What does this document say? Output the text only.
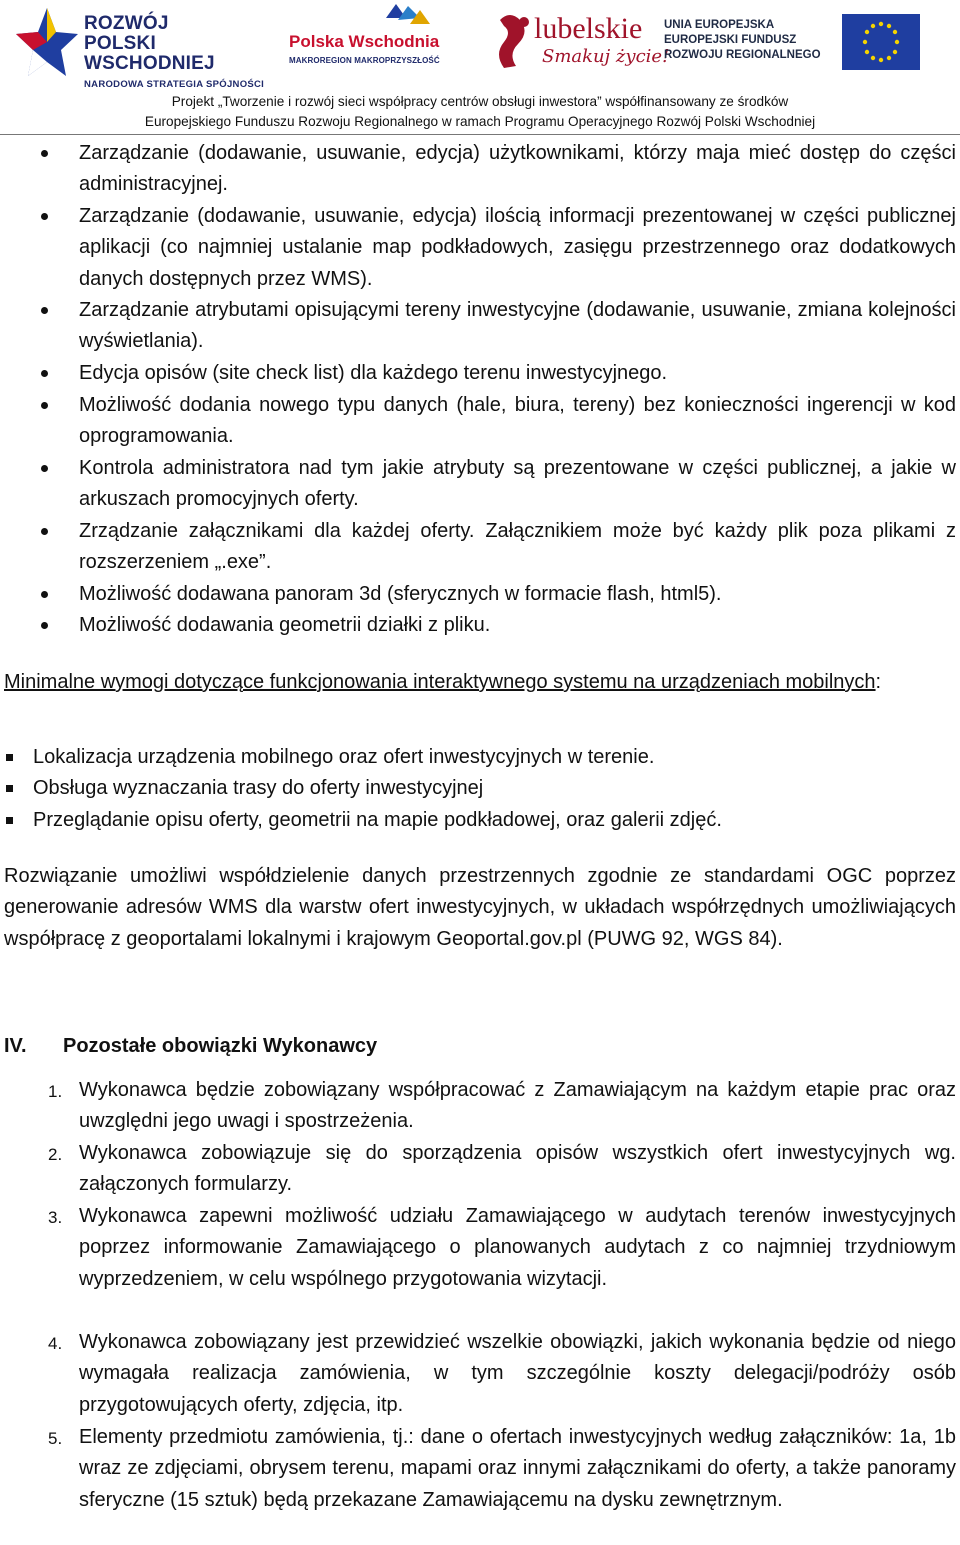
ROZWÓJ
POLSKI WSCHODNIEJ
NARODOWA STRATEGIA SPÓJNOŚCI
Polska Wschodnia
MAKROREGION MAKROPRZYSZŁOŚĆ
lubelskie
Smakuj życie!
UNIA EUROPEJSKA
EUROPEJSKI FUNDUSZ
ROZWOJU REGIONALNEGO
Projekt „Tworzenie i rozwój sieci współpracy centrów obsługi inwestora” współfinansowany ze środków
Europejskiego Funduszu Rozwoju Regionalnego w ramach Programu Operacyjnego Rozwój Polski Wschodniej
Zarządzanie (dodawanie, usuwanie, edycja) użytkownikami, którzy maja mieć dostęp do części administracyjnej.
Zarządzanie (dodawanie, usuwanie, edycja) ilością informacji prezentowanej w części publicznej aplikacji (co najmniej ustalanie map podkładowych, zasięgu przestrzennego oraz dodatkowych danych dostępnych przez WMS).
Zarządzanie atrybutami opisującymi tereny inwestycyjne (dodawanie, usuwanie, zmiana kolejności wyświetlania).
Edycja opisów (site check list) dla każdego terenu inwestycyjnego.
Możliwość dodania nowego typu danych (hale, biura, tereny) bez konieczności ingerencji w kod oprogramowania.
Kontrola administratora nad tym jakie atrybuty są prezentowane w części publicznej, a jakie w arkuszach promocyjnych oferty.
Zrządzanie załącznikami dla każdej oferty. Załącznikiem może być każdy plik poza plikami z rozszerzeniem „.exe”.
Możliwość dodawana panoram 3d (sferycznych w formacie flash, html5).
Możliwość dodawania geometrii działki z pliku.
Minimalne wymogi dotyczące funkcjonowania interaktywnego systemu na urządzeniach mobilnych:
Lokalizacja urządzenia mobilnego oraz ofert inwestycyjnych w terenie.
Obsługa wyznaczania trasy do oferty inwestycyjnej
Przeglądanie opisu oferty, geometrii na mapie podkładowej, oraz galerii zdjęć.
Rozwiązanie umożliwi współdzielenie danych przestrzennych zgodnie ze standardami OGC poprzez generowanie adresów WMS dla warstw ofert inwestycyjnych, w układach współrzędnych umożliwiających współpracę z geoportalami lokalnymi i krajowym Geoportal.gov.pl (PUWG 92, WGS 84).
IV. Pozostałe obowiązki Wykonawcy
1. Wykonawca będzie zobowiązany współpracować z Zamawiającym na każdym etapie prac oraz uwzględni jego uwagi i spostrzeżenia.
2. Wykonawca zobowiązuje się do sporządzenia opisów wszystkich ofert inwestycyjnych wg. załączonych formularzy.
3. Wykonawca zapewni możliwość udziału Zamawiającego w audytach terenów inwestycyjnych poprzez informowanie Zamawiającego o planowanych audytach z co najmniej trzydniowym wyprzedzeniem, w celu wspólnego przygotowania wizytacji.
4. Wykonawca zobowiązany jest przewidzieć wszelkie obowiązki, jakich wykonania będzie od niego wymagała realizacja zamówienia, w tym szczególnie koszty delegacji/podróży osób przygotowujących oferty, zdjęcia, itp.
5. Elementy przedmiotu zamówienia, tj.: dane o ofertach inwestycyjnych według załączników: 1a, 1b wraz ze zdjęciami, obrysem terenu, mapami oraz innymi załącznikami do oferty, a także panoramy sferyczne (15 sztuk) będą przekazane Zamawiającemu na dysku zewnętrznym.
